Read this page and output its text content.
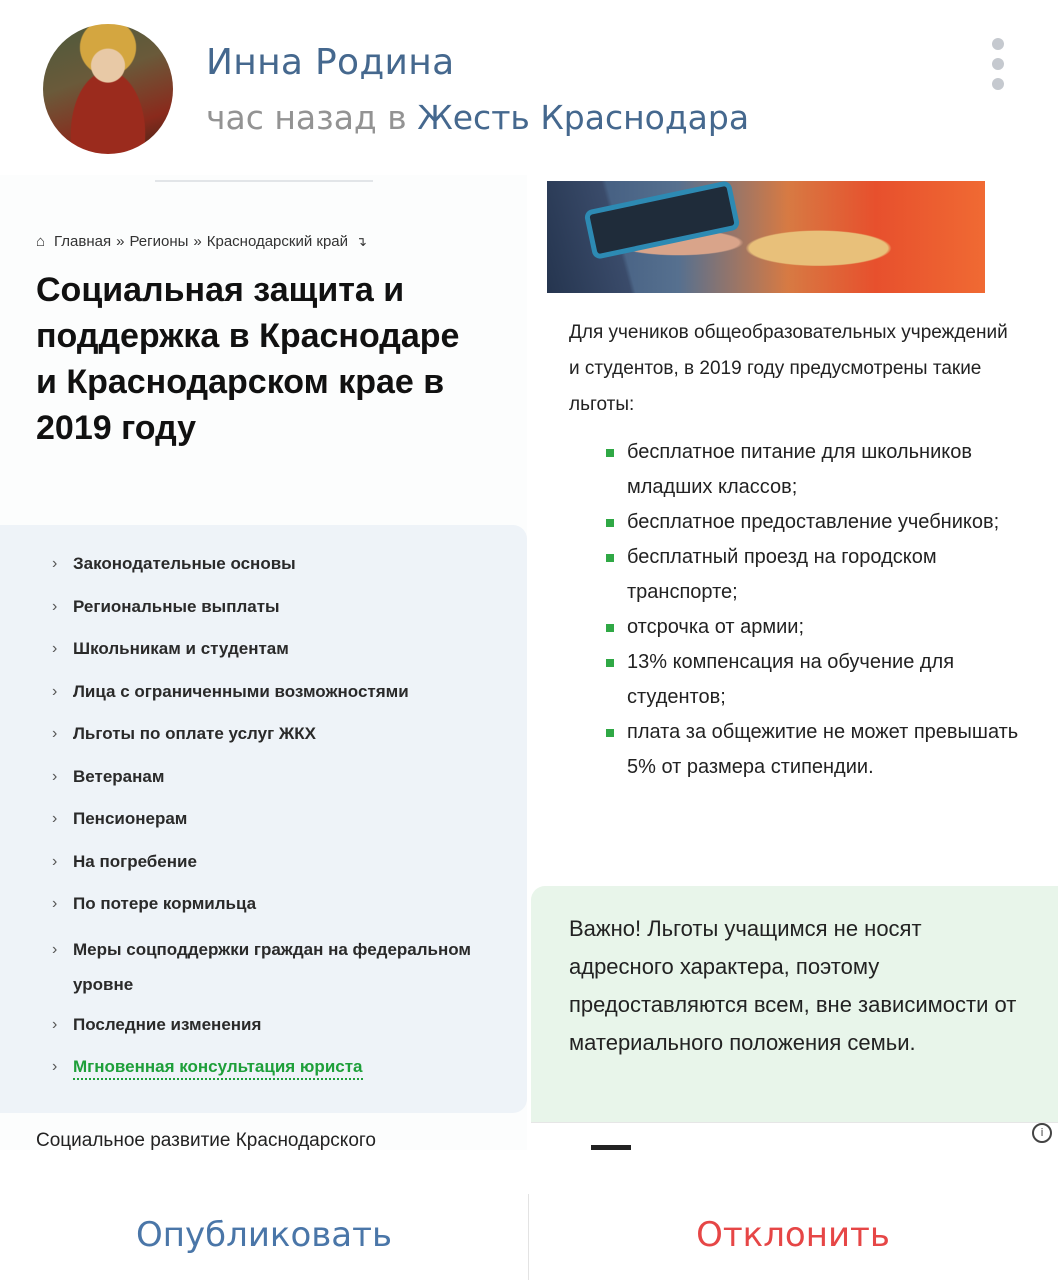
Инна Родина

час назад в Жесть Краснодара

⌂ Главная » Регионы » Краснодарский край ↴
Социальная защита и поддержка в Краснодаре и Краснодарском крае в 2019 году
› Законодательные основы
› Региональные выплаты
› Школьникам и студентам
› Лица с ограниченными возможностями
› Льготы по оплате услуг ЖКХ
› Ветеранам
› Пенсионерам
› На погребение
› По потере кормильца
› Меры соцподдержки граждан на федеральном уровне
› Последние изменения
› Мгновенная консультация юриста
Социальное развитие Краснодарского
Для учеников общеобразовательных учреждений и студентов, в 2019 году предусмотрены такие льготы:
бесплатное питание для школьников младших классов;
бесплатное предоставление учебников;
бесплатный проезд на городском транспорте;
отсрочка от армии;
13% компенсация на обучение для студентов;
плата за общежитие не может превышать 5% от размера стипендии.

Важно! Льготы учащимся не носят адресного характера, поэтому предоставляются всем, вне зависимости от материального положения семьи.

i
Опубликовать	Отклонить
